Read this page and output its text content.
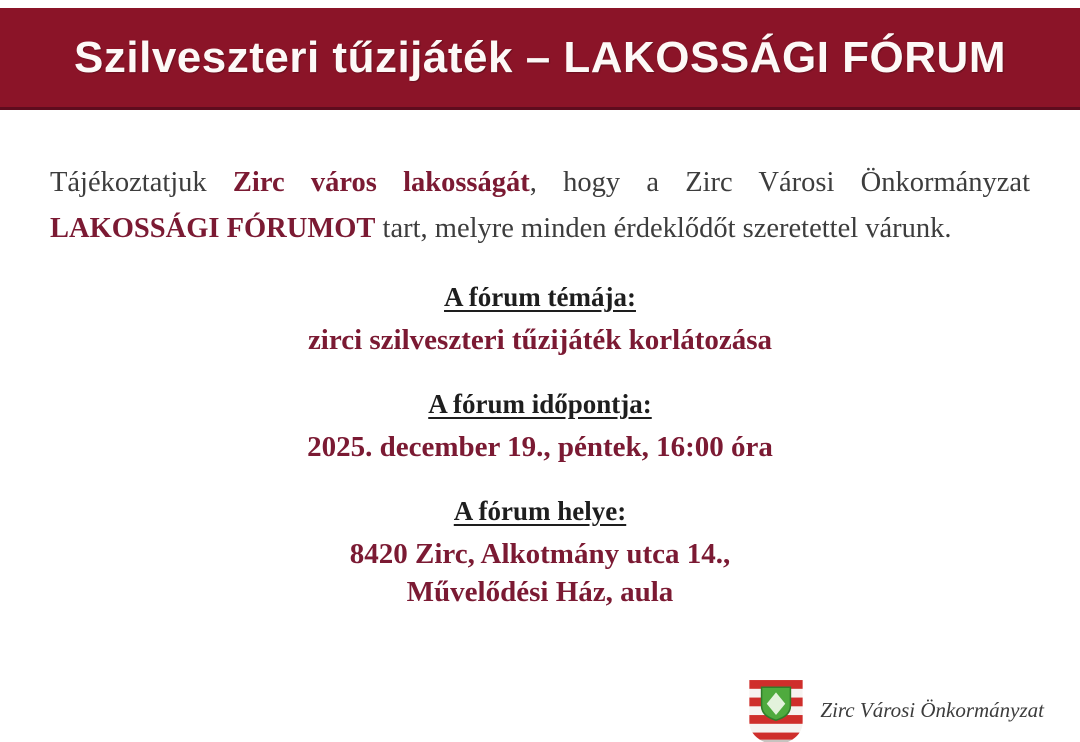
Szilveszteri tűzijáték – LAKOSSÁGI FÓRUM

Tájékoztatjuk Zirc város lakosságát, hogy a Zirc Városi Önkormányzat LAKOSSÁGI FÓRUMOT tart, melyre minden érdeklődőt szeretettel várunk.

A fórum témája:
zirci szilveszteri tűzijáték korlátozása
A fórum időpontja:
2025. december 19., péntek, 16:00 óra
A fórum helye:
8420 Zirc, Alkotmány utca 14.,
Művelődési Ház, aula
Zirc Városi Önkormányzat
